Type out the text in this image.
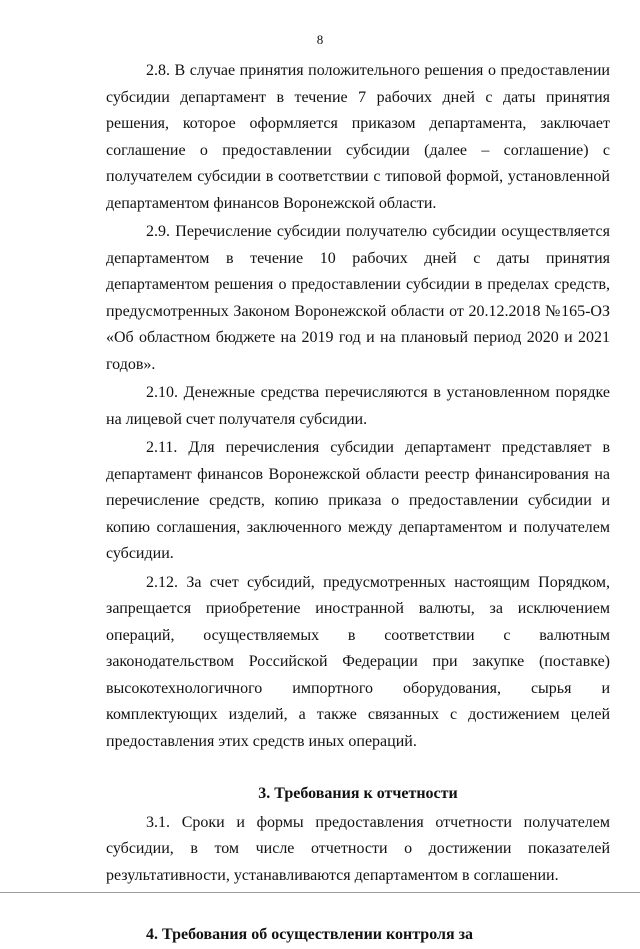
8

2.8. В случае принятия положительного решения о предоставлении субсидии департамент в течение 7 рабочих дней с даты принятия решения, которое оформляется приказом департамента, заключает соглашение о предоставлении субсидии (далее – соглашение) с получателем субсидии в соответствии с типовой формой, установленной департаментом финансов Воронежской области.

2.9. Перечисление субсидии получателю субсидии осуществляется департаментом в течение 10 рабочих дней с даты принятия департаментом решения о предоставлении субсидии в пределах средств, предусмотренных Законом Воронежской области от 20.12.2018 №165-ОЗ «Об областном бюджете на 2019 год и на плановый период 2020 и 2021 годов».

2.10. Денежные средства перечисляются в установленном порядке на лицевой счет получателя субсидии.

2.11. Для перечисления субсидии департамент представляет в департамент финансов Воронежской области реестр финансирования на перечисление средств, копию приказа о предоставлении субсидии и копию соглашения, заключенного между департаментом и получателем субсидии.

2.12. За счет субсидий, предусмотренных настоящим Порядком, запрещается приобретение иностранной валюты, за исключением операций, осуществляемых в соответствии с валютным законодательством Российской Федерации при закупке (поставке) высокотехнологичного импортного оборудования, сырья и комплектующих изделий, а также связанных с достижением целей предоставления этих средств иных операций.

3. Требования к отчетности

3.1. Сроки и формы предоставления отчетности получателем субсидии, в том числе отчетности о достижении показателей результативности, устанавливаются департаментом в соглашении.

4. Требования об осуществлении контроля за
